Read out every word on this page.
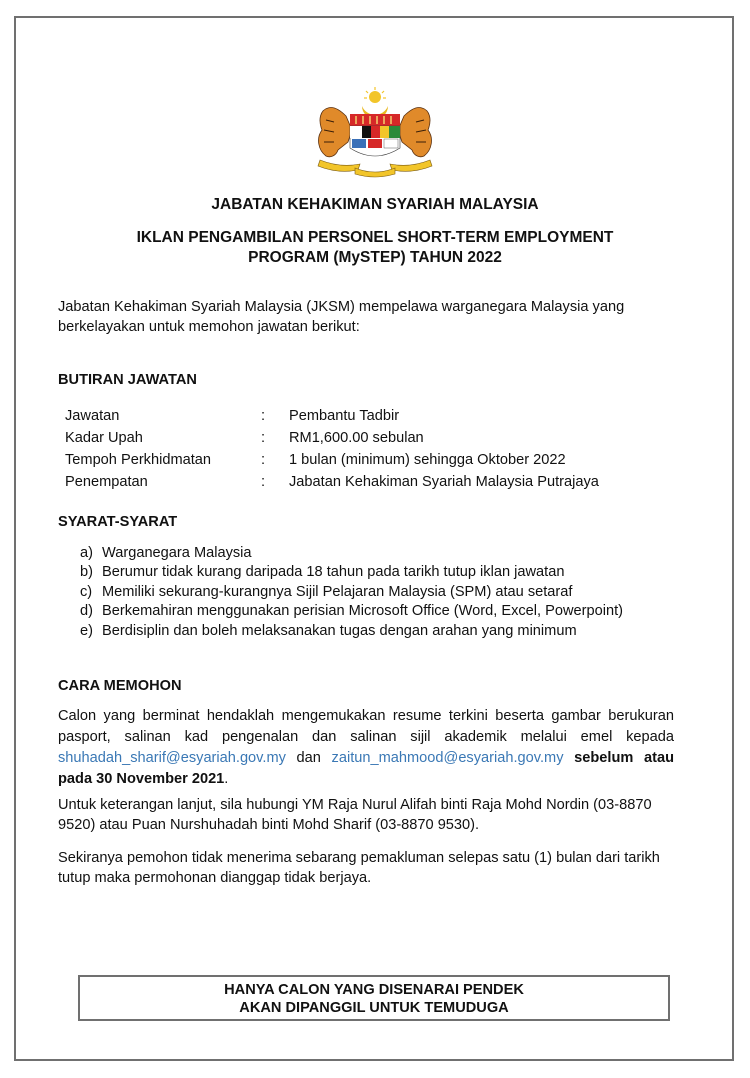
JABATAN KEHAKIMAN SYARIAH MALAYSIA
IKLAN PENGAMBILAN PERSONEL SHORT-TERM EMPLOYMENT
PROGRAM (MySTEP) TAHUN 2022
Jabatan Kehakiman Syariah Malaysia (JKSM) mempelawa warganegara Malaysia yang berkelayakan untuk memohon jawatan berikut:
BUTIRAN JAWATAN
Jawatan	:	Pembantu Tadbir
Kadar Upah	:	RM1,600.00 sebulan
Tempoh Perkhidmatan	:	1 bulan (minimum) sehingga Oktober 2022
Penempatan	:	Jabatan Kehakiman Syariah Malaysia Putrajaya
SYARAT-SYARAT
a) Warganegara Malaysia
b) Berumur tidak kurang daripada 18 tahun pada tarikh tutup iklan jawatan
c) Memiliki sekurang-kurangnya Sijil Pelajaran Malaysia (SPM) atau setaraf
d) Berkemahiran menggunakan perisian Microsoft Office (Word, Excel, Powerpoint)
e) Berdisiplin dan boleh melaksanakan tugas dengan arahan yang minimum
CARA MEMOHON
Calon yang berminat hendaklah mengemukakan resume terkini beserta gambar berukuran pasport, salinan kad pengenalan dan salinan sijil akademik melalui emel kepada shuhadah_sharif@esyariah.gov.my dan zaitun_mahmood@esyariah.gov.my sebelum atau pada 30 November 2021.
Untuk keterangan lanjut, sila hubungi YM Raja Nurul Alifah binti Raja Mohd Nordin (03-8870 9520) atau Puan Nurshuhadah binti Mohd Sharif (03-8870 9530).
Sekiranya pemohon tidak menerima sebarang pemakluman selepas satu (1) bulan dari tarikh tutup maka permohonan dianggap tidak berjaya.
HANYA CALON YANG DISENARAI PENDEK
AKAN DIPANGGIL UNTUK TEMUDUGA
